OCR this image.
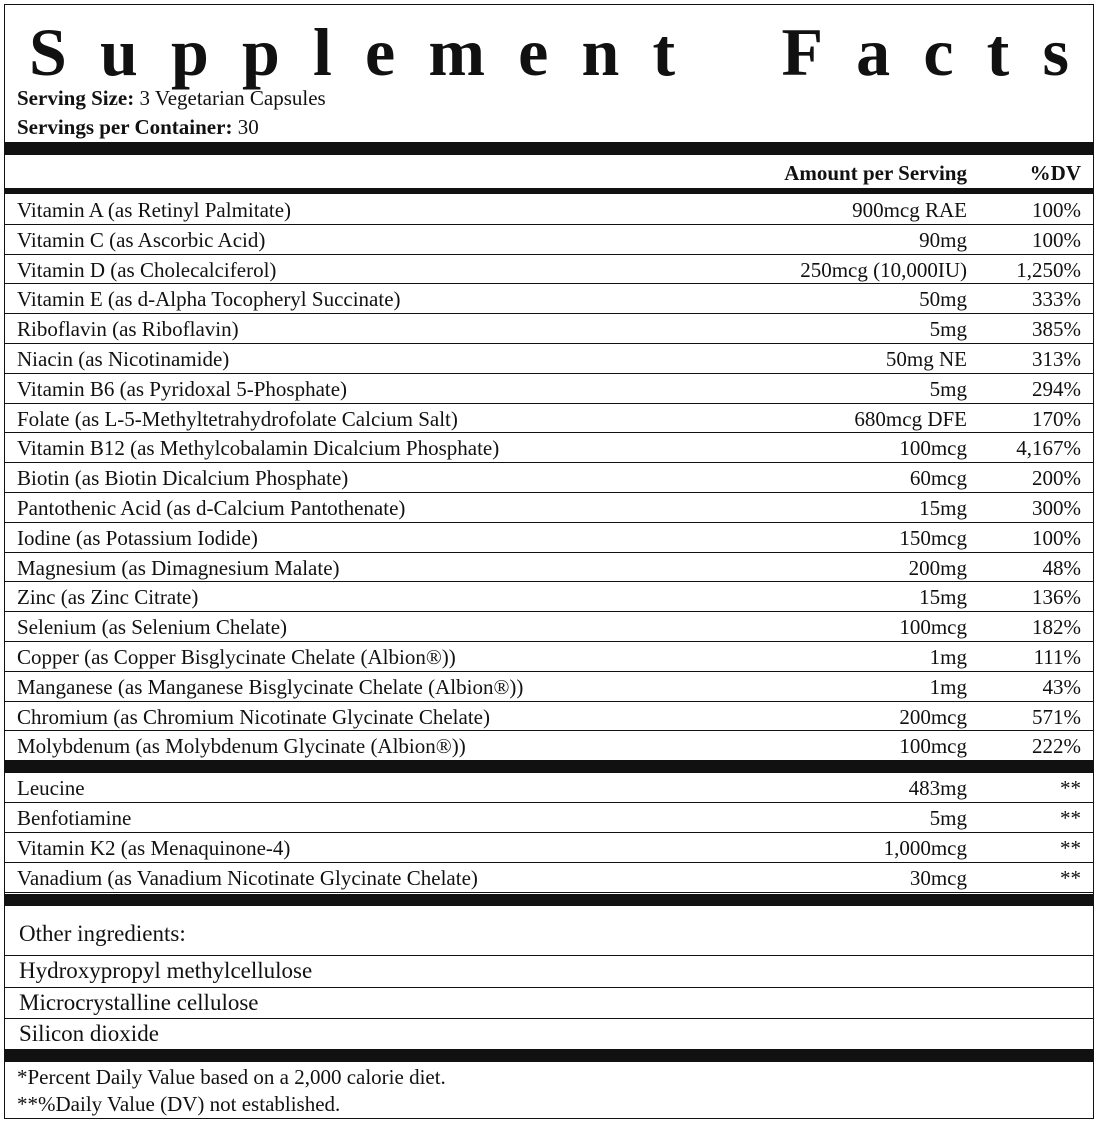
S u p p l e m e n t F a c t s
Serving Size: 3 Vegetarian Capsules
Servings per Container: 30
Amount per Serving	%DV
Vitamin A (as Retinyl Palmitate)	900mcg RAE	100%
Vitamin C (as Ascorbic Acid)	90mg	100%
Vitamin D (as Cholecalciferol)	250mcg (10,000IU) 1,250%
Vitamin E (as d-Alpha Tocopheryl Succinate)	50mg	333%
Riboflavin (as Riboflavin)	5mg	385%
Niacin (as Nicotinamide)	50mg NE	313%
Vitamin B6 (as Pyridoxal 5-Phosphate)	5mg	294%
Folate (as L-5-Methyltetrahydrofolate Calcium Salt)	680mcg DFE	170%
Vitamin B12 (as Methylcobalamin Dicalcium Phosphate)	100mcg 4,167%
Biotin (as Biotin Dicalcium Phosphate)	60mcg	200%
Pantothenic Acid (as d-Calcium Pantothenate)	15mg	300%
Iodine (as Potassium Iodide)	150mcg	100%
Magnesium (as Dimagnesium Malate)	200mg	48%
Zinc (as Zinc Citrate)	15mg	136%
Selenium (as Selenium Chelate)	100mcg	182%
Copper (as Copper Bisglycinate Chelate (Albion®))	1mg	111%
Manganese (as Manganese Bisglycinate Chelate (Albion®))	1mg	43%
Chromium (as Chromium Nicotinate Glycinate Chelate)	200mcg	571%
Molybdenum (as Molybdenum Glycinate (Albion®))	100mcg	222%
Leucine	483mg	**
Benfotiamine	5mg	**
Vitamin K2 (as Menaquinone-4)	1,000mcg	**
Vanadium (as Vanadium Nicotinate Glycinate Chelate)	30mcg	**
Other ingredients:
Hydroxypropyl methylcellulose
Microcrystalline cellulose
Silicon dioxide
*Percent Daily Value based on a 2,000 calorie diet.
**%Daily Value (DV) not established.
